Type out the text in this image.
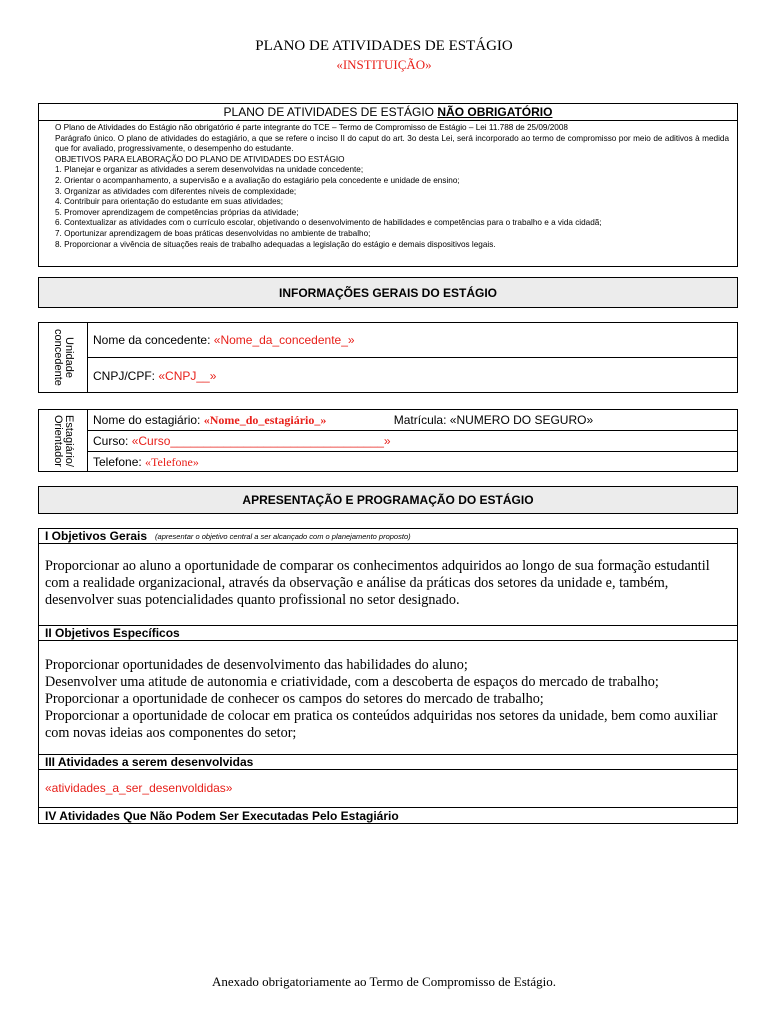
PLANO DE ATIVIDADES DE ESTÁGIO
«INSTITUIÇÃO»
PLANO DE ATIVIDADES DE ESTÁGIO NÃO OBRIGATÓRIO
O Plano de Atividades do Estágio não obrigatório é parte integrante do TCE – Termo de Compromisso de Estágio – Lei 11.788 de 25/09/2008
Parágrafo único. O plano de atividades do estagiário, a que se refere o inciso II do caput do art. 3o desta Lei, será incorporado ao termo de compromisso por meio de aditivos à medida que for avaliado, progressivamente, o desempenho do estudante.
OBJETIVOS PARA ELABORAÇÃO DO PLANO DE ATIVIDADES DO ESTÁGIO
1. Planejar e organizar as atividades a serem desenvolvidas na unidade concedente;
2. Orientar o acompanhamento, a supervisão e a avaliação do estagiário pela concedente e unidade de ensino;
3. Organizar as atividades com diferentes níveis de complexidade;
4. Contribuir para orientação do estudante em suas atividades;
5. Promover aprendizagem de competências próprias da atividade;
6. Contextualizar as atividades com o currículo escolar, objetivando o desenvolvimento de habilidades e competências para o trabalho e a vida cidadã;
7. Oportunizar aprendizagem de boas práticas desenvolvidas no ambiente de trabalho;
8. Proporcionar a vivência de situações reais de trabalho adequadas a legislação do estágio e demais dispositivos legais.
INFORMAÇÕES GERAIS DO ESTÁGIO
Unidade concedente	Nome da concedente:
«Nome_da_concedente_»
CNPJ/CPF:
«CNPJ__»
Estagiário/ Orientador	Nome do estagiário:
«Nome_do_estagiário_»	Matrícula:
«NUMERO DO SEGURO»
Curso:
«Curso________________________________»
Telefone:
«Telefone»
APRESENTAÇÃO E PROGRAMAÇÃO DO ESTÁGIO
I Objetivos Gerais (apresentar o objetivo central a ser alcançado com o planejamento proposto)
Proporcionar ao aluno a oportunidade de comparar os conhecimentos adquiridos ao longo de sua formação estudantil com a realidade organizacional, através da observação e análise da práticas dos setores da unidade e, também, desenvolver suas potencialidades quanto profissional no setor designado.
II Objetivos Específicos
Proporcionar oportunidades de desenvolvimento das habilidades do aluno;
Desenvolver uma atitude de autonomia e criatividade, com a descoberta de espaços do mercado de trabalho;
Proporcionar a oportunidade de conhecer os campos do setores do mercado de trabalho;
Proporcionar a oportunidade de colocar em pratica os conteúdos adquiridas nos setores da unidade, bem como auxiliar com novas ideias aos componentes do setor;
III Atividades a serem desenvolvidas
«atividades_a_ser_desenvoldidas»
IV Atividades Que Não Podem Ser Executadas Pelo Estagiário
Anexado obrigatoriamente ao Termo de Compromisso de Estágio.
